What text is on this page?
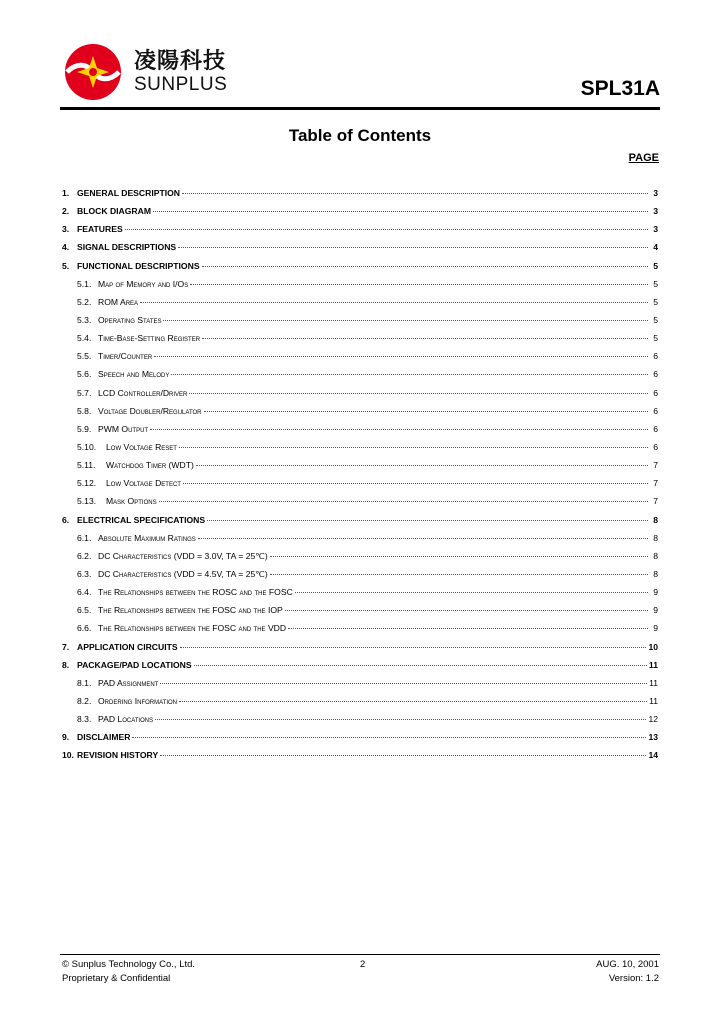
凌陽科技
SUNPLUS	SPL31A
Table of Contents
PAGE
1. GENERAL DESCRIPTION	3
2. BLOCK DIAGRAM	3
3. FEATURES	3
4. SIGNAL DESCRIPTIONS	4
5. FUNCTIONAL DESCRIPTIONS	5
5.1. Map of Memory and I/Os	5
5.2. ROM Area	5
5.3. Operating States	5
5.4. Time-Base-Setting Register	5
5.5. Timer/Counter	6
5.6. Speech and Melody	6
5.7. LCD Controller/Driver	6
5.8. Voltage Doubler/Regulator	6
5.9. PWM Output	6
5.10.	Low Voltage Reset	6
5.11.	Watchdog Timer (WDT)	7
5.12.	Low Voltage Detect	7
5.13.	Mask Options	7
6. ELECTRICAL SPECIFICATIONS	8
6.1. Absolute Maximum Ratings	8
6.2. DC Characteristics (VDD = 3.0V, TA = 25℃)	8
6.3. DC Characteristics (VDD = 4.5V, TA = 25℃)	8
6.4. The Relationships between the ROSC and the FOSC	9
6.5. The Relationships between the FOSC and the IOP	9
6.6. The Relationships between the FOSC and the VDD	9
7. APPLICATION CIRCUITS	10
8. PACKAGE/PAD LOCATIONS	11
8.1. PAD Assignment	11
8.2. Ordering Information	11
8.3. PAD Locations	12
9. DISCLAIMER	13
10. REVISION HISTORY	14
© Sunplus Technology Co., Ltd.
Proprietary & Confidential
2	AUG. 10, 2001
Version: 1.2
